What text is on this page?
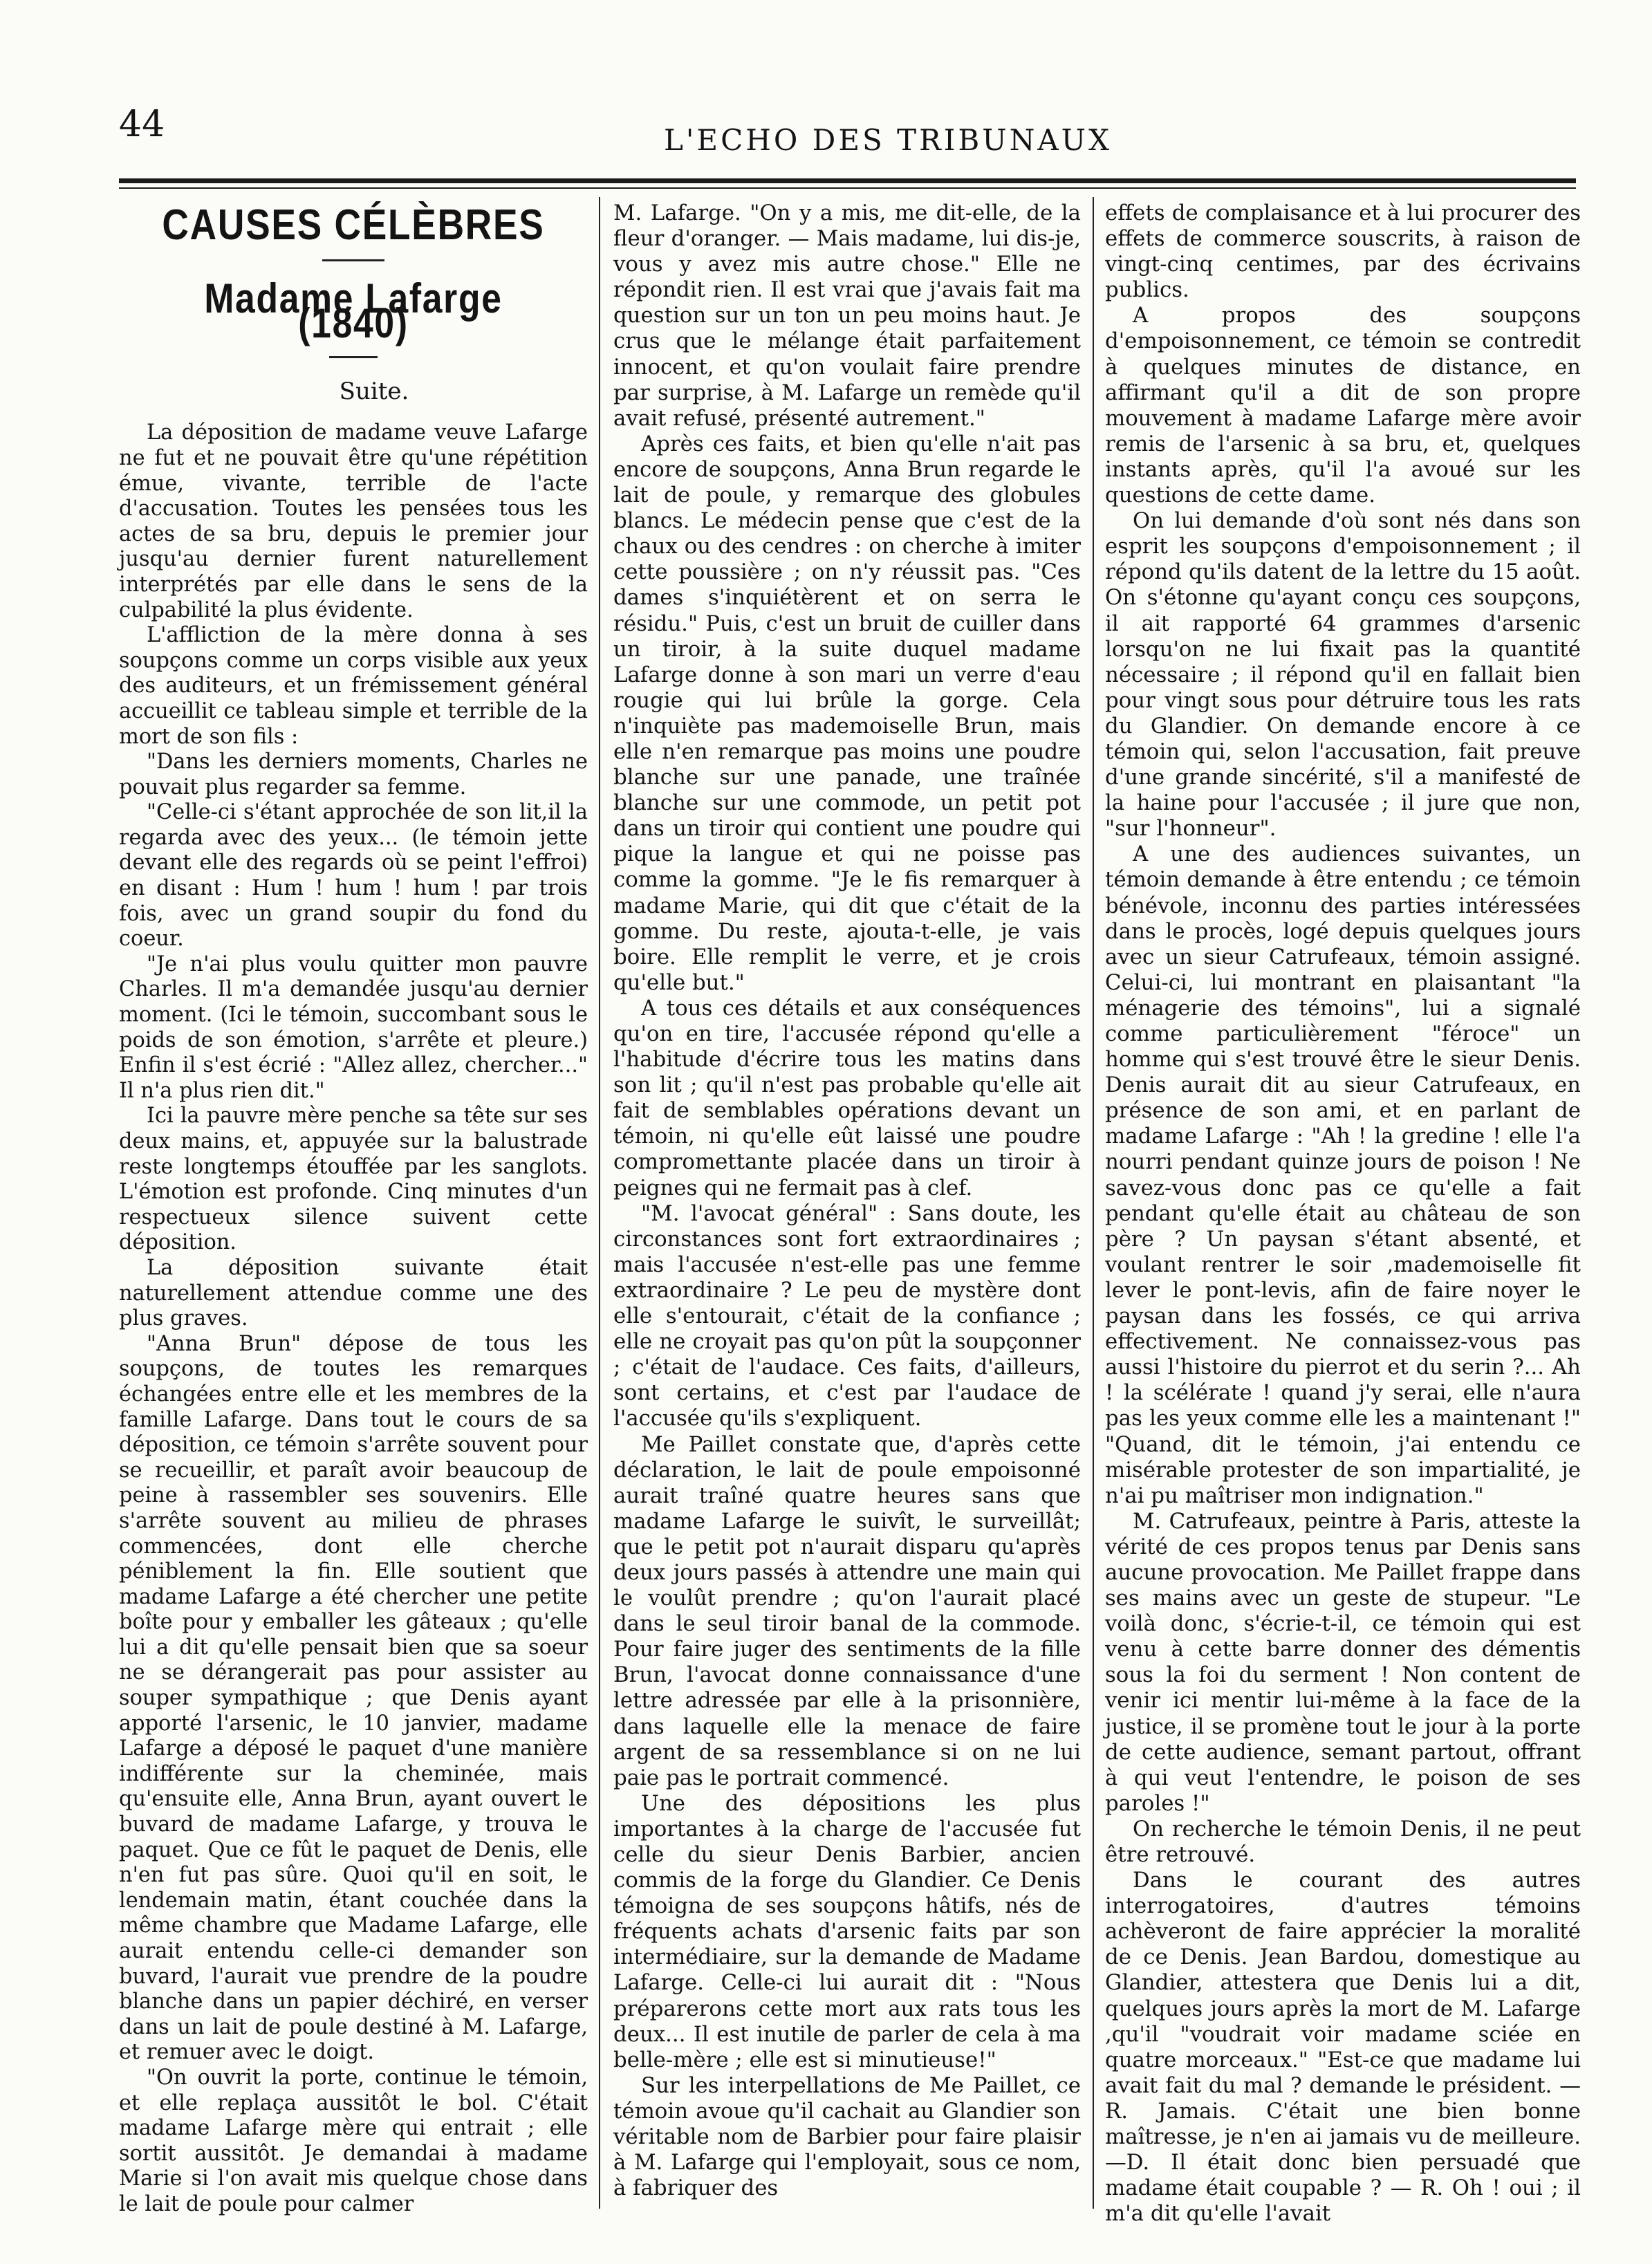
44	L'ECHO DES TRIBUNAUX
CAUSES CÉLÈBRES
Madame Lafarge (1840)
Suite.

La déposition de madame veuve Lafarge ne fut et ne pouvait être qu'une répétition émue, vivante, terrible de l'acte d'accusation. Toutes les pensées tous les actes de sa bru, depuis le premier jour jusqu'au dernier furent naturellement interprétés par elle dans le sens de la culpabilité la plus évidente.

L'affliction de la mère donna à ses soupçons comme un corps visible aux yeux des auditeurs, et un frémissement général accueillit ce tableau simple et terrible de la mort de son fils :

"Dans les derniers moments, Charles ne pouvait plus regarder sa femme.

"Celle-ci s'étant approchée de son lit,il la regarda avec des yeux... (le témoin jette devant elle des regards où se peint l'effroi) en disant : Hum ! hum ! hum ! par trois fois, avec un grand soupir du fond du coeur.

"Je n'ai plus voulu quitter mon pauvre Charles. Il m'a demandée jusqu'au dernier moment. (Ici le témoin, succombant sous le poids de son émotion, s'arrête et pleure.) Enfin il s'est écrié : "Allez allez, chercher..." Il n'a plus rien dit."

Ici la pauvre mère penche sa tête sur ses deux mains, et, appuyée sur la balustrade reste longtemps étouffée par les sanglots. L'émotion est profonde. Cinq minutes d'un respectueux silence suivent cette déposition.

La déposition suivante était naturellement attendue comme une des plus graves.

"Anna Brun" dépose de tous les soupçons, de toutes les remarques échangées entre elle et les membres de la famille Lafarge. Dans tout le cours de sa déposition, ce témoin s'arrête souvent pour se recueillir, et paraît avoir beaucoup de peine à rassembler ses souvenirs. Elle s'arrête souvent au milieu de phrases commencées, dont elle cherche péniblement la fin. Elle soutient que madame Lafarge a été chercher une petite boîte pour y emballer les gâteaux ; qu'elle lui a dit qu'elle pensait bien que sa soeur ne se dérangerait pas pour assister au souper sympathique ; que Denis ayant apporté l'arsenic, le 10 janvier, madame Lafarge a déposé le paquet d'une manière indifférente sur la cheminée, mais qu'ensuite elle, Anna Brun, ayant ouvert le buvard de madame Lafarge, y trouva le paquet. Que ce fût le paquet de Denis, elle n'en fut pas sûre. Quoi qu'il en soit, le lendemain matin, étant couchée dans la même chambre que Madame Lafarge, elle aurait entendu celle-ci demander son buvard, l'aurait vue prendre de la poudre blanche dans un papier déchiré, en verser dans un lait de poule destiné à M. Lafarge, et remuer avec le doigt.

"On ouvrit la porte, continue le témoin, et elle replaça aussitôt le bol. C'était madame Lafarge mère qui entrait ; elle sortit aussitôt. Je demandai à madame Marie si l'on avait mis quelque chose dans le lait de poule pour calmer

M. Lafarge. "On y a mis, me dit-elle, de la fleur d'oranger. — Mais madame, lui dis-je, vous y avez mis autre chose." Elle ne répondit rien. Il est vrai que j'avais fait ma question sur un ton un peu moins haut. Je crus que le mélange était parfaitement innocent, et qu'on voulait faire prendre par surprise, à M. Lafarge un remède qu'il avait refusé, présenté autrement."

Après ces faits, et bien qu'elle n'ait pas encore de soupçons, Anna Brun regarde le lait de poule, y remarque des globules blancs. Le médecin pense que c'est de la chaux ou des cendres : on cherche à imiter cette poussière ; on n'y réussit pas. "Ces dames s'inquiétèrent et on serra le résidu." Puis, c'est un bruit de cuiller dans un tiroir, à la suite duquel madame Lafarge donne à son mari un verre d'eau rougie qui lui brûle la gorge. Cela n'inquiète pas mademoiselle Brun, mais elle n'en remarque pas moins une poudre blanche sur une panade, une traînée blanche sur une commode, un petit pot dans un tiroir qui contient une poudre qui pique la langue et qui ne poisse pas comme la gomme. "Je le fis remarquer à madame Marie, qui dit que c'était de la gomme. Du reste, ajouta-t-elle, je vais boire. Elle remplit le verre, et je crois qu'elle but."

A tous ces détails et aux conséquences qu'on en tire, l'accusée répond qu'elle a l'habitude d'écrire tous les matins dans son lit ; qu'il n'est pas probable qu'elle ait fait de semblables opérations devant un témoin, ni qu'elle eût laissé une poudre compromettante placée dans un tiroir à peignes qui ne fermait pas à clef.

"M. l'avocat général" : Sans doute, les circonstances sont fort extraordinaires ; mais l'accusée n'est-elle pas une femme extraordinaire ? Le peu de mystère dont elle s'entourait, c'était de la confiance ; elle ne croyait pas qu'on pût la soupçonner ; c'était de l'audace. Ces faits, d'ailleurs, sont certains, et c'est par l'audace de l'accusée qu'ils s'expliquent.

Me Paillet constate que, d'après cette déclaration, le lait de poule empoisonné aurait traîné quatre heures sans que madame Lafarge le suivît, le surveillât; que le petit pot n'aurait disparu qu'après deux jours passés à attendre une main qui le voulût prendre ; qu'on l'aurait placé dans le seul tiroir banal de la commode. Pour faire juger des sentiments de la fille Brun, l'avocat donne connaissance d'une lettre adressée par elle à la prisonnière, dans laquelle elle la menace de faire argent de sa ressemblance si on ne lui paie pas le portrait commencé.

Une des dépositions les plus importantes à la charge de l'accusée fut celle du sieur Denis Barbier, ancien commis de la forge du Glandier. Ce Denis témoigna de ses soupçons hâtifs, nés de fréquents achats d'arsenic faits par son intermédiaire, sur la demande de Madame Lafarge. Celle-ci lui aurait dit : "Nous préparerons cette mort aux rats tous les deux... Il est inutile de parler de cela à ma belle-mère ; elle est si minutieuse!"

Sur les interpellations de Me Paillet, ce témoin avoue qu'il cachait au Glandier son véritable nom de Barbier pour faire plaisir à M. Lafarge qui l'employait, sous ce nom, à fabriquer des

effets de complaisance et à lui procurer des effets de commerce souscrits, à raison de vingt-cinq centimes, par des écrivains publics.

A propos des soupçons d'empoisonnement, ce témoin se contredit à quelques minutes de distance, en affirmant qu'il a dit de son propre mouvement à madame Lafarge mère avoir remis de l'arsenic à sa bru, et, quelques instants après, qu'il l'a avoué sur les questions de cette dame.

On lui demande d'où sont nés dans son esprit les soupçons d'empoisonnement ; il répond qu'ils datent de la lettre du 15 août. On s'étonne qu'ayant conçu ces soupçons, il ait rapporté 64 grammes d'arsenic lorsqu'on ne lui fixait pas la quantité nécessaire ; il répond qu'il en fallait bien pour vingt sous pour détruire tous les rats du Glandier. On demande encore à ce témoin qui, selon l'accusation, fait preuve d'une grande sincérité, s'il a manifesté de la haine pour l'accusée ; il jure que non, "sur l'honneur".

A une des audiences suivantes, un témoin demande à être entendu ; ce témoin bénévole, inconnu des parties intéressées dans le procès, logé depuis quelques jours avec un sieur Catrufeaux, témoin assigné. Celui-ci, lui montrant en plaisantant "la ménagerie des témoins", lui a signalé comme particulièrement "féroce" un homme qui s'est trouvé être le sieur Denis. Denis aurait dit au sieur Catrufeaux, en présence de son ami, et en parlant de madame Lafarge : "Ah ! la gredine ! elle l'a nourri pendant quinze jours de poison ! Ne savez-vous donc pas ce qu'elle a fait pendant qu'elle était au château de son père ? Un paysan s'étant absenté, et voulant rentrer le soir ,mademoiselle fit lever le pont-levis, afin de faire noyer le paysan dans les fossés, ce qui arriva effectivement. Ne connaissez-vous pas aussi l'histoire du pierrot et du serin ?... Ah ! la scélérate ! quand j'y serai, elle n'aura pas les yeux comme elle les a maintenant !" "Quand, dit le témoin, j'ai entendu ce misérable protester de son impartialité, je n'ai pu maîtriser mon indignation."

M. Catrufeaux, peintre à Paris, atteste la vérité de ces propos tenus par Denis sans aucune provocation. Me Paillet frappe dans ses mains avec un geste de stupeur. "Le voilà donc, s'écrie-t-il, ce témoin qui est venu à cette barre donner des démentis sous la foi du serment ! Non content de venir ici mentir lui-même à la face de la justice, il se promène tout le jour à la porte de cette audience, semant partout, offrant à qui veut l'entendre, le poison de ses paroles !"

On recherche le témoin Denis, il ne peut être retrouvé.

Dans le courant des autres interrogatoires, d'autres témoins achèveront de faire apprécier la moralité de ce Denis. Jean Bardou, domestique au Glandier, attestera que Denis lui a dit, quelques jours après la mort de M. Lafarge ,qu'il "voudrait voir madame sciée en quatre morceaux." "Est-ce que madame lui avait fait du mal ? demande le président. — R. Jamais. C'était une bien bonne maîtresse, je n'en ai jamais vu de meilleure.—D. Il était donc bien persuadé que madame était coupable ? — R. Oh ! oui ; il m'a dit qu'elle l'avait
